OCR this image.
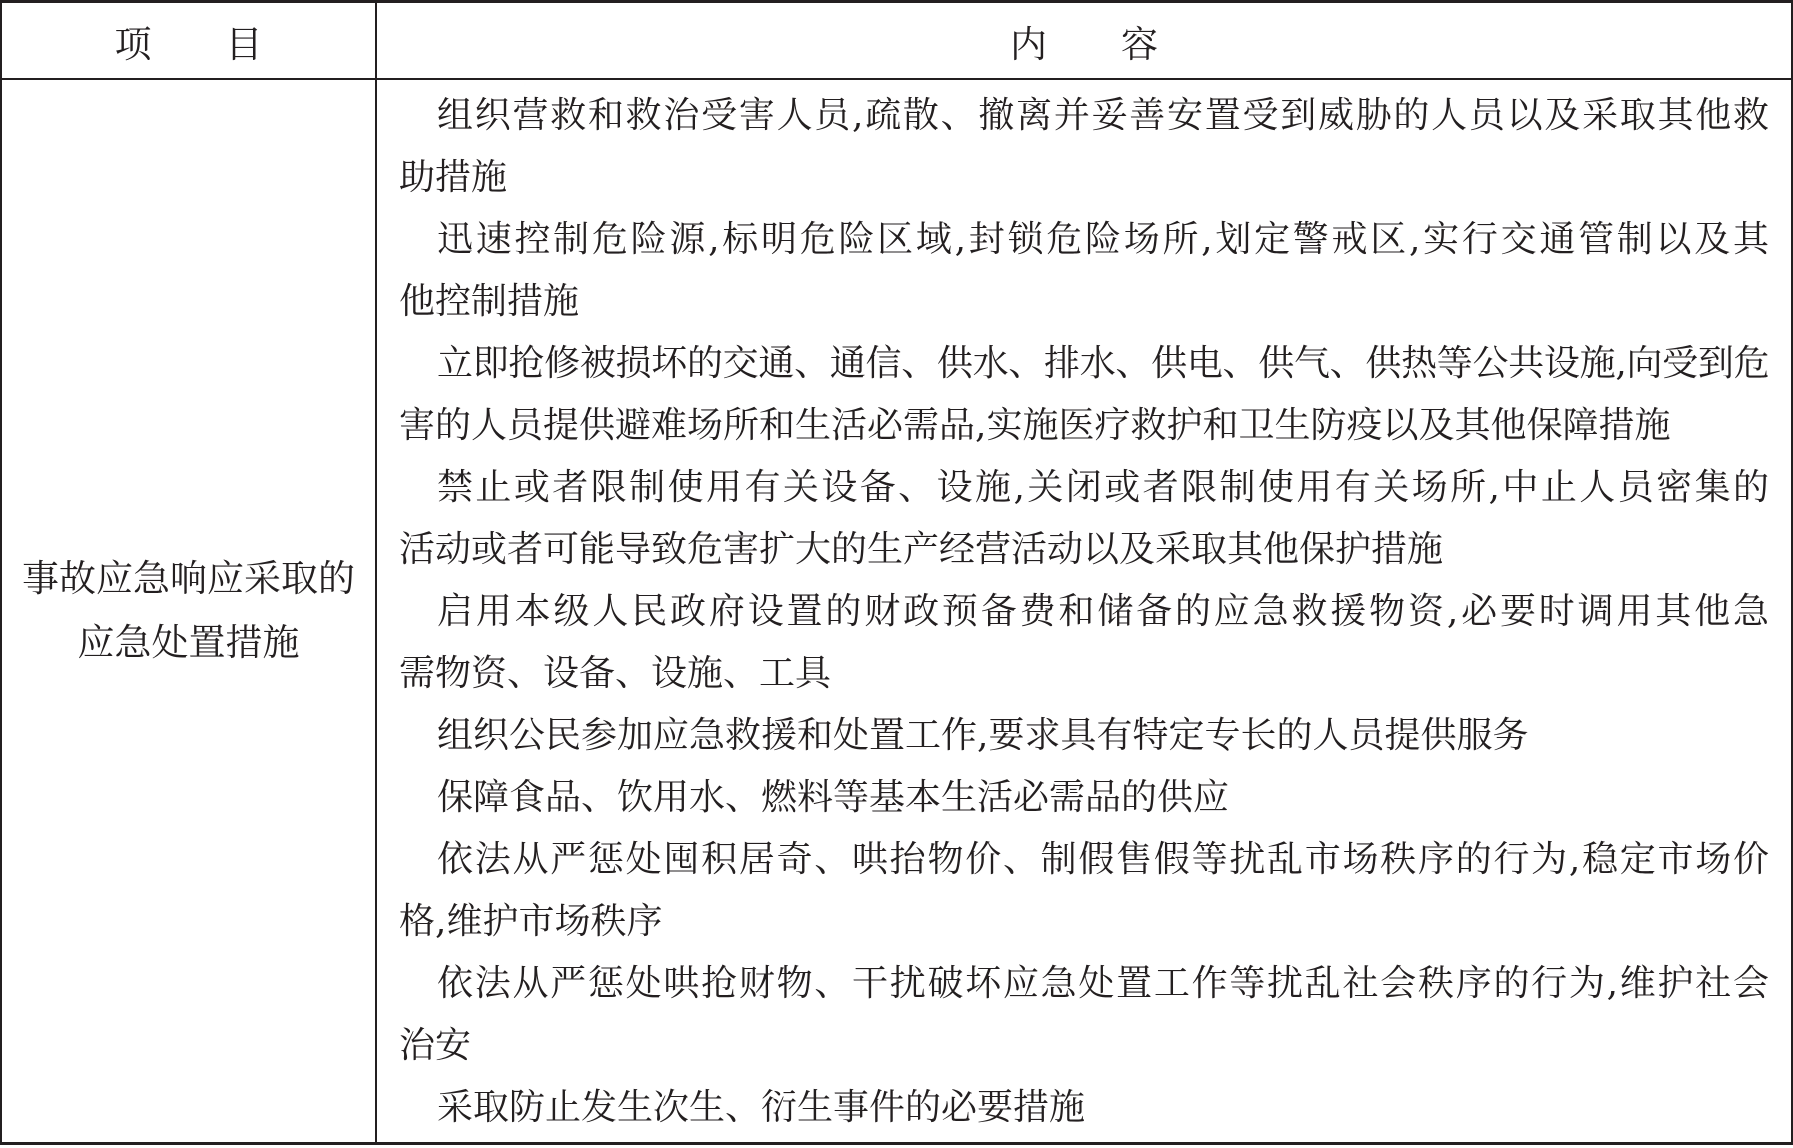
项　　目	内　　容
事故应急响应采取的
应急处置措施
组织营救和救治受害人员,疏散、撤离并妥善安置受到威胁的人员以及采取其他救
助措施
迅速控制危险源,标明危险区域,封锁危险场所,划定警戒区,实行交通管制以及其
他控制措施
立即抢修被损坏的交通、通信、供水、排水、供电、供气、供热等公共设施,向受到危
害的人员提供避难场所和生活必需品,实施医疗救护和卫生防疫以及其他保障措施
禁止或者限制使用有关设备、设施,关闭或者限制使用有关场所,中止人员密集的
活动或者可能导致危害扩大的生产经营活动以及采取其他保护措施
启用本级人民政府设置的财政预备费和储备的应急救援物资,必要时调用其他急
需物资、设备、设施、工具
组织公民参加应急救援和处置工作,要求具有特定专长的人员提供服务
保障食品、饮用水、燃料等基本生活必需品的供应
依法从严惩处囤积居奇、哄抬物价、制假售假等扰乱市场秩序的行为,稳定市场价
格,维护市场秩序
依法从严惩处哄抢财物、干扰破坏应急处置工作等扰乱社会秩序的行为,维护社会
治安
采取防止发生次生、衍生事件的必要措施
